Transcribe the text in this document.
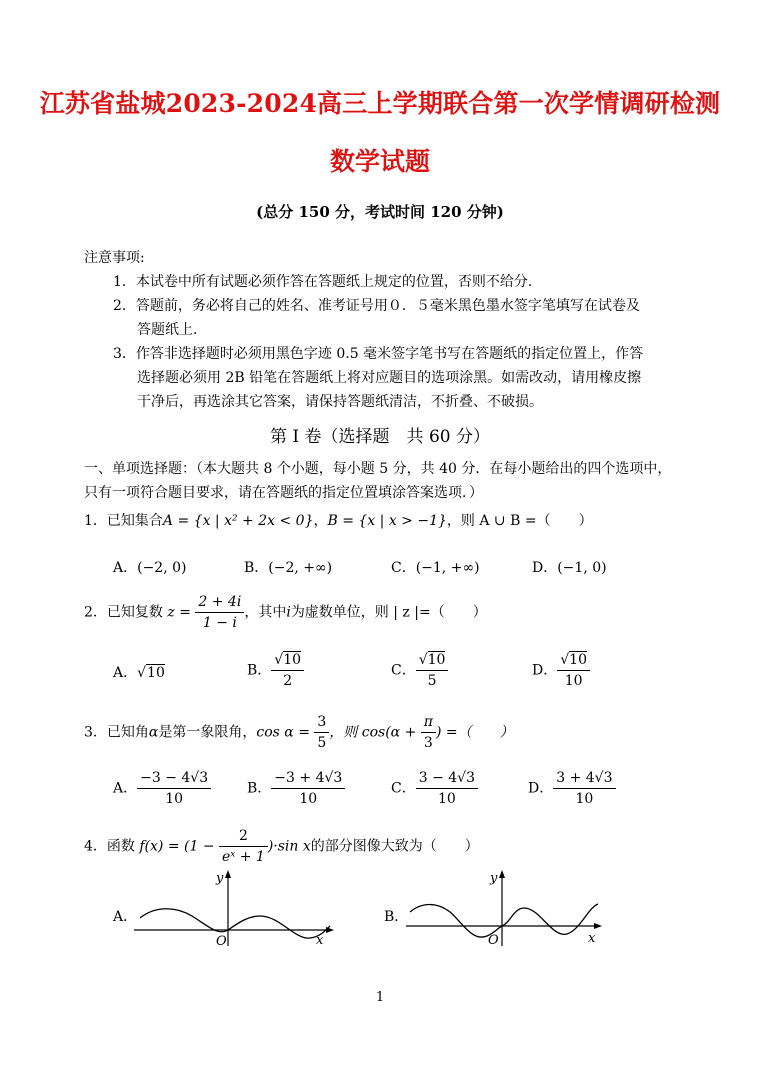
江苏省盐城2023-2024高三上学期联合第一次学情调研检测
数学试题
(总分 150 分，考试时间 120 分钟)
注意事项:
1．本试卷中所有试题必须作答在答题纸上规定的位置，否则不给分．
2．答题前，务必将自己的姓名、准考证号用０．５毫米黑色墨水签字笔填写在试卷及
答题纸上．
3．作答非选择题时必须用黑色字迹 0.5 毫米签字笔书写在答题纸的指定位置上，作答
选择题必须用 2B 铅笔在答题纸上将对应题目的选项涂黑。如需改动，请用橡皮擦
干净后，再选涂其它答案，请保持答题纸清洁，不折叠、不破损。
第 I 卷（选择题　共 60 分）
一、单项选择题：（本大题共 8 个小题，每小题 5 分，共 40 分．在每小题给出的四个选项中，只有一项符合题目要求，请在答题纸的指定位置填涂答案选项．）
1．已知集合A = {x | x² + 2x < 0}，B = {x | x > −1}，则 A ∪ B =（　　）
A．(−2, 0)	B．(−2, +∞)	C．(−1, +∞)	D．(−1, 0)
2．已知复数 $z = \frac{2 + 4i}{1 - i}$ ，其中i为虚数单位，则 | z |=（　　）
A．√10	B． $\frac{√10}{2}$	C． $\frac{√10}{5}$	D． $\frac{√10}{10}$
3．已知角α是第一象限角，$\cos \alpha = \frac{3}{5}$ ，则 $\cos(\alpha + \frac{\pi}{3}$ ) =（　　）
A． $\frac{-3 - 4√3}{10}$	B． $\frac{-3 + 4√3}{10}$	C． $\frac{3 - 4√3}{10}$	D． $\frac{3 + 4√3}{10}$
4．函数 $f(x) = (1 - \frac{2}{\text{eˣ + 1}} )\cdot\sin$ x的部分图像大致为（　　）
A．
y
x
O
B．
y
x
O
1
